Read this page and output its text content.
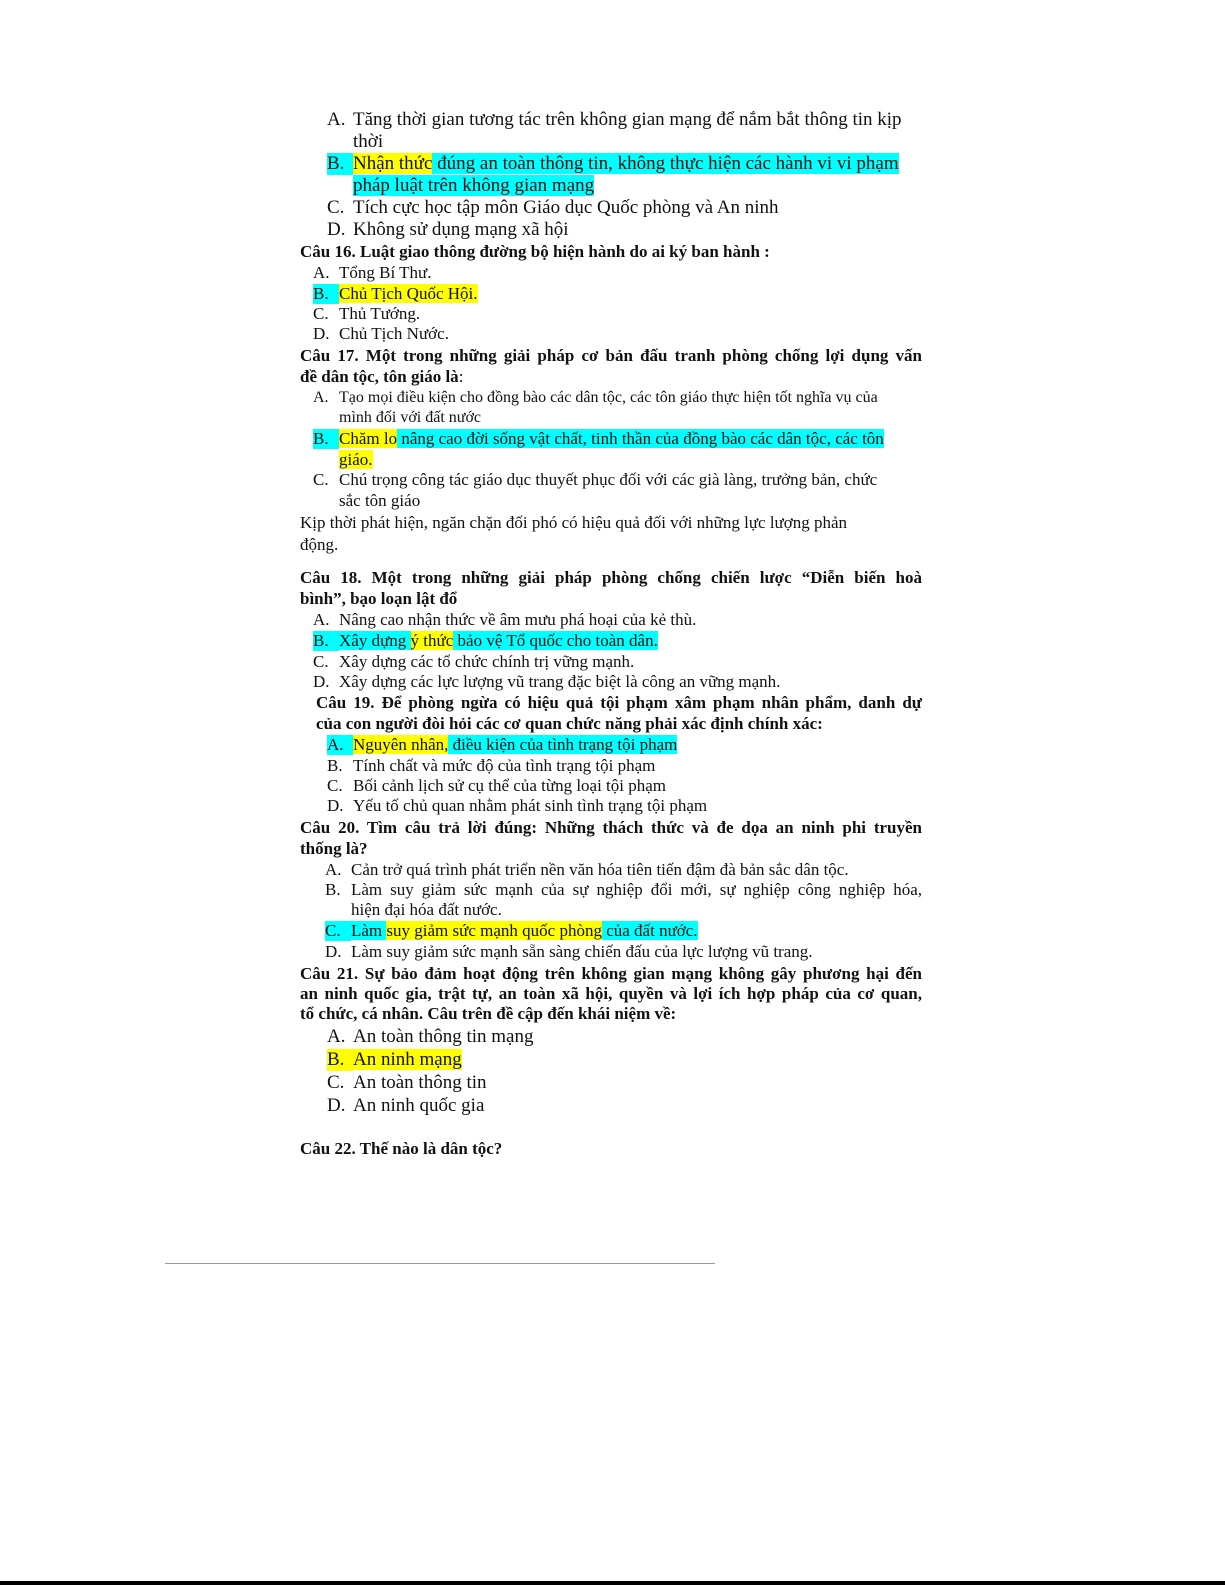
A. Tăng thời gian tương tác trên không gian mạng để nắm bắt thông tin kịp
thời
B. Nhận thức đúng an toàn thông tin, không thực hiện các hành vi vi phạm
pháp luật trên không gian mạng
C. Tích cực học tập môn Giáo dục Quốc phòng và An ninh
D. Không sử dụng mạng xã hội
Câu 16. Luật giao thông đường bộ hiện hành do ai ký ban hành :
A. Tổng Bí Thư.
B. Chủ Tịch Quốc Hội.
C. Thủ Tướng.
D. Chủ Tịch Nước.
Câu 17. Một trong những giải pháp cơ bản đấu tranh phòng chống lợi dụng vấn
đề dân tộc, tôn giáo là:
A. Tạo mọi điều kiện cho đồng bào các dân tộc, các tôn giáo thực hiện tốt nghĩa vụ của
mình đối với đất nước
B. Chăm lo nâng cao đời sống vật chất, tinh thần của đồng bào các dân tộc, các tôn
giáo.
C. Chú trọng công tác giáo dục thuyết phục đối với các già làng, trưởng bản, chức
sắc tôn giáo
Kịp thời phát hiện, ngăn chặn đối phó có hiệu quả đối với những lực lượng phản
động.
Câu 18. Một trong những giải pháp phòng chống chiến lược “Diễn biến hoà
bình”, bạo loạn lật đổ
A. Nâng cao nhận thức về âm mưu phá hoại của kẻ thù.
B. Xây dựng ý thức bảo vệ Tổ quốc cho toàn dân.
C. Xây dựng các tổ chức chính trị vững mạnh.
D. Xây dựng các lực lượng vũ trang đặc biệt là công an vững mạnh.
Câu 19. Để phòng ngừa có hiệu quả tội phạm xâm phạm nhân phẩm, danh dự
của con người đòi hỏi các cơ quan chức năng phải xác định chính xác:
A. Nguyên nhân, điều kiện của tình trạng tội phạm
B. Tính chất và mức độ của tình trạng tội phạm
C. Bối cảnh lịch sử cụ thể của từng loại tội phạm
D. Yếu tố chủ quan nhằm phát sinh tình trạng tội phạm
Câu 20. Tìm câu trả lời đúng: Những thách thức và đe dọa an ninh phi truyền
thống là?
A. Cản trở quá trình phát triển nền văn hóa tiên tiến đậm đà bản sắc dân tộc.
B. Làm suy giảm sức mạnh của sự nghiệp đổi mới, sự nghiệp công nghiệp hóa,
hiện đại hóa đất nước.
C. Làm suy giảm sức mạnh quốc phòng của đất nước.
D. Làm suy giảm sức mạnh sẵn sàng chiến đấu của lực lượng vũ trang.
Câu 21. Sự bảo đảm hoạt động trên không gian mạng không gây phương hại đến
an ninh quốc gia, trật tự, an toàn xã hội, quyền và lợi ích hợp pháp của cơ quan,
tổ chức, cá nhân. Câu trên đề cập đến khái niệm về:
A. An toàn thông tin mạng
B. An ninh mạng
C. An toàn thông tin
D. An ninh quốc gia
Câu 22. Thế nào là dân tộc?
